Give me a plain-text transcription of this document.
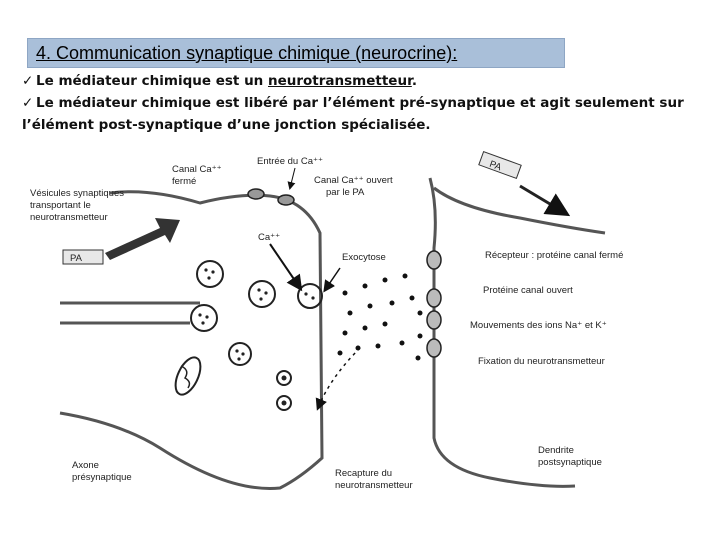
4. Communication synaptique chimique (neurocrine):
✓ Le médiateur chimique est un neurotransmetteur.
✓ Le médiateur chimique est libéré par l’élément pré-synaptique et agit seulement sur
l’élément post-synaptique d’une jonction spécialisée.
PA
PA
Vésicules synaptiques
transportant le
neurotransmetteur
Canal Ca⁺⁺
fermé
Entrée du Ca⁺⁺
Canal Ca⁺⁺ ouvert
par le PA
Ca⁺⁺
Exocytose	Récepteur : protéine canal fermé
Protéine canal ouvert
Mouvements des ions Na⁺ et K⁺
Fixation du neurotransmetteur
Axone
présynaptique	Recapture du
neurotransmetteur
Dendrite
postsynaptique
